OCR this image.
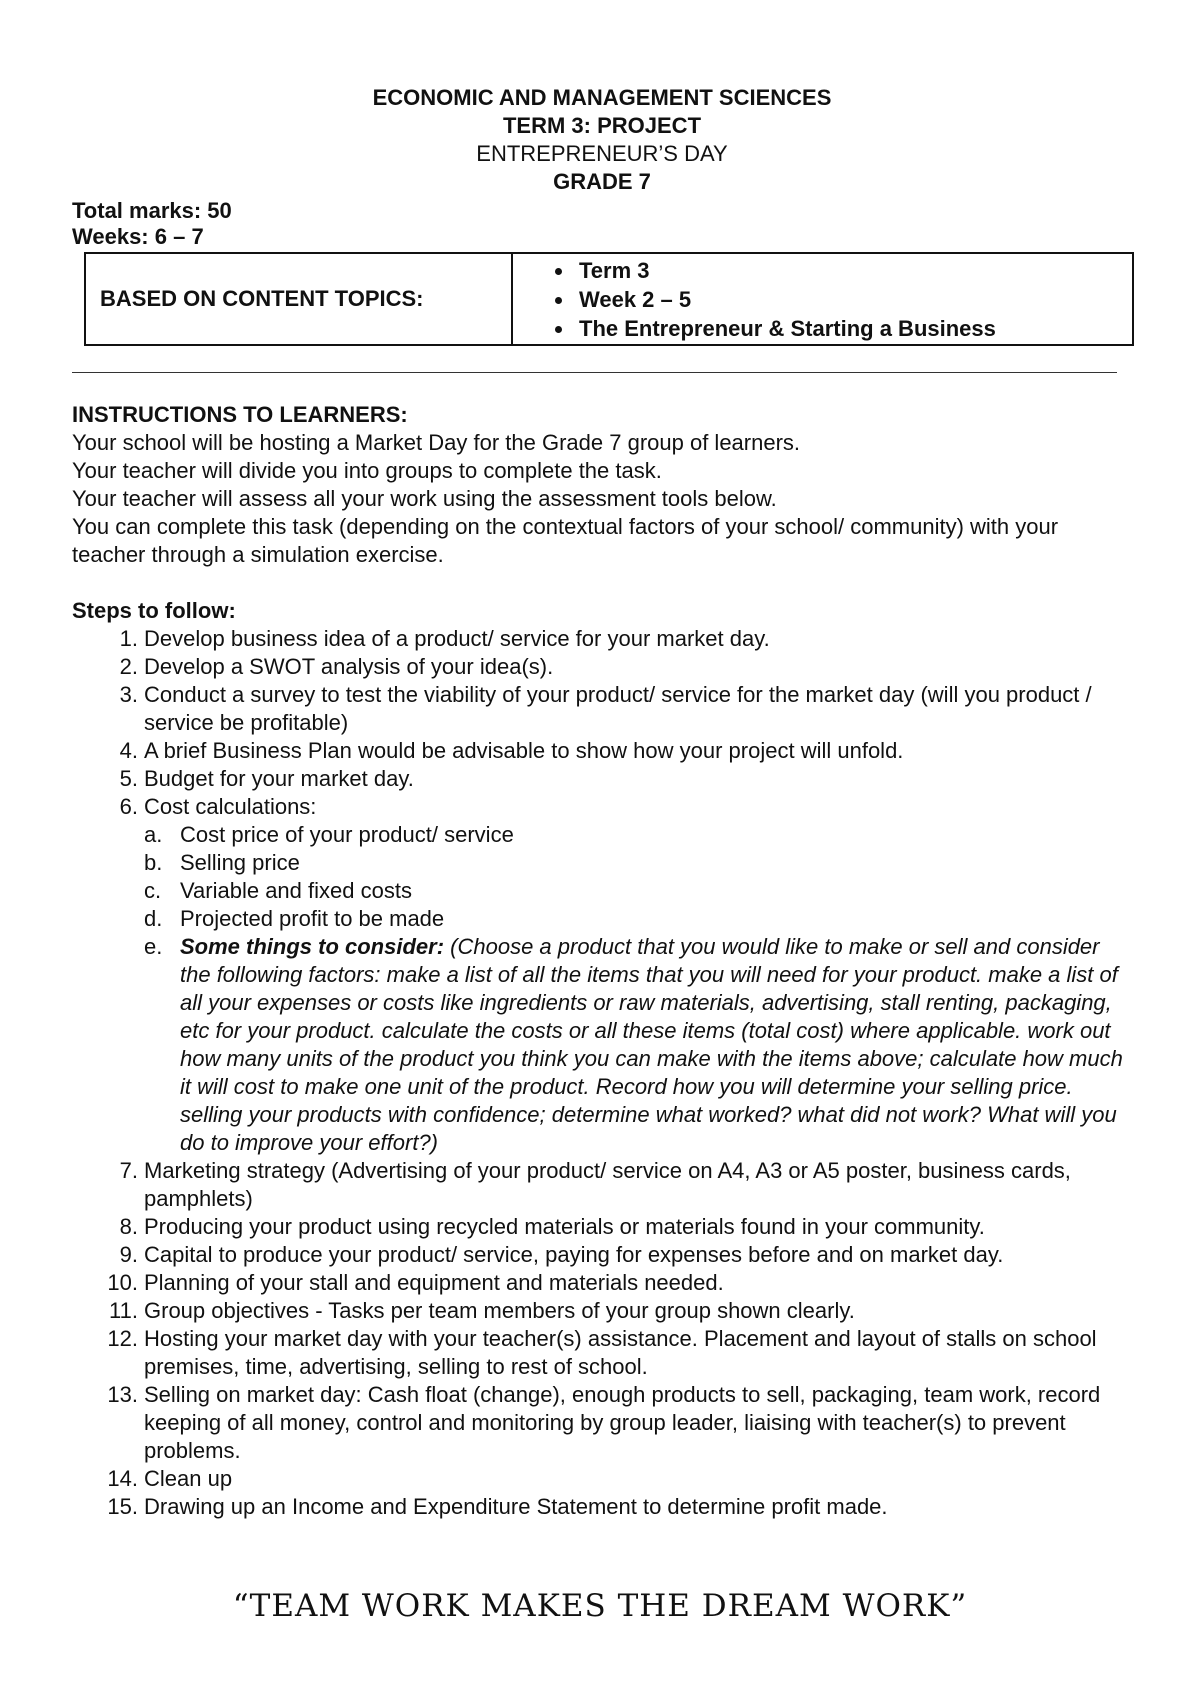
ECONOMIC AND MANAGEMENT SCIENCES
TERM 3: PROJECT
ENTREPRENEUR’S DAY
GRADE 7
Total marks: 50
Weeks: 6 – 7
BASED ON CONTENT TOPICS:	
• Term 3
• Week 2 – 5
• The Entrepreneur & Starting a Business
INSTRUCTIONS TO LEARNERS:
Your school will be hosting a Market Day for the Grade 7 group of learners.
Your teacher will divide you into groups to complete the task.
Your teacher will assess all your work using the assessment tools below.
You can complete this task (depending on the contextual factors of your school/ community) with your teacher through a simulation exercise.
Steps to follow:
1. Develop business idea of a product/ service for your market day.
2. Develop a SWOT analysis of your idea(s).
3. Conduct a survey to test the viability of your product/ service for the market day (will you product / service be profitable)
4. A brief Business Plan would be advisable to show how your project will unfold.
5. Budget for your market day.
6. Cost calculations:
a. Cost price of your product/ service
b. Selling price
c. Variable and fixed costs
d. Projected profit to be made
e. Some things to consider: (Choose a product that you would like to make or sell and consider the following factors: make a list of all the items that you will need for your product. make a list of all your expenses or costs like ingredients or raw materials, advertising, stall renting, packaging, etc for your product. calculate the costs or all these items (total cost) where applicable. work out how many units of the product you think you can make with the items above; calculate how much it will cost to make one unit of the product. Record how you will determine your selling price. selling your products with confidence; determine what worked? what did not work? What will you do to improve your effort?)
7. Marketing strategy (Advertising of your product/ service on A4, A3 or A5 poster, business cards, pamphlets)
8. Producing your product using recycled materials or materials found in your community.
9. Capital to produce your product/ service, paying for expenses before and on market day.
10. Planning of your stall and equipment and materials needed.
11. Group objectives - Tasks per team members of your group shown clearly.
12. Hosting your market day with your teacher(s) assistance. Placement and layout of stalls on school premises, time, advertising, selling to rest of school.
13. Selling on market day: Cash float (change), enough products to sell, packaging, team work, record keeping of all money, control and monitoring by group leader, liaising with teacher(s) to prevent problems.
14. Clean up
15. Drawing up an Income and Expenditure Statement to determine profit made.
“TEAM WORK MAKES THE DREAM WORK”
